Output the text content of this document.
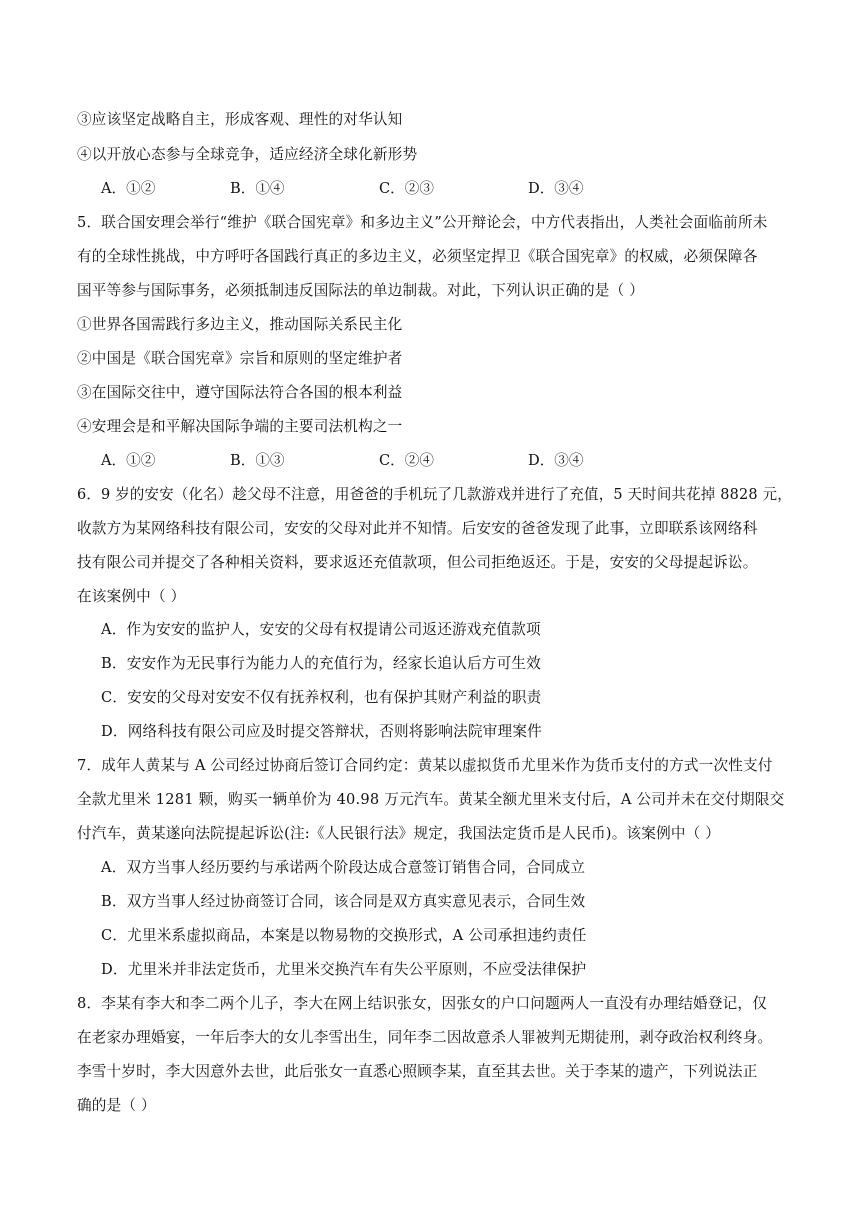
③应该坚定战略自主，形成客观、理性的对华认知
④以开放心态参与全球竞争，适应经济全球化新形势
A．①②	B．①④	C．②③	D．③④
5．联合国安理会举行“维护《联合国宪章》和多边主义”公开辩论会，中方代表指出，人类社会面临前所未
有的全球性挑战，中方呼吁各国践行真正的多边主义，必须坚定捍卫《联合国宪章》的权威，必须保障各
国平等参与国际事务，必须抵制违反国际法的单边制裁。对此，下列认识正确的是（ ）
①世界各国需践行多边主义，推动国际关系民主化
②中国是《联合国宪章》宗旨和原则的坚定维护者
③在国际交往中，遵守国际法符合各国的根本利益
④安理会是和平解决国际争端的主要司法机构之一
A．①②	B．①③	C．②④	D．③④
6．9 岁的安安（化名）趁父母不注意，用爸爸的手机玩了几款游戏并进行了充值，5 天时间共花掉 8828 元，
收款方为某网络科技有限公司，安安的父母对此并不知情。后安安的爸爸发现了此事，立即联系该网络科
技有限公司并提交了各种相关资料，要求返还充值款项，但公司拒绝返还。于是，安安的父母提起诉讼。
在该案例中（ ）
A．作为安安的监护人，安安的父母有权提请公司返还游戏充值款项
B．安安作为无民事行为能力人的充值行为，经家长追认后方可生效
C．安安的父母对安安不仅有抚养权利，也有保护其财产利益的职责
D．网络科技有限公司应及时提交答辩状，否则将影响法院审理案件
7．成年人黄某与 A 公司经过协商后签订合同约定：黄某以虚拟货币尤里米作为货币支付的方式一次性支付
全款尤里米 1281 颗，购买一辆单价为 40.98 万元汽车。黄某全额尤里米支付后，A 公司并未在交付期限交
付汽车，黄某遂向法院提起诉讼(注:《人民银行法》规定，我国法定货币是人民币)。该案例中（ ）
A．双方当事人经历要约与承诺两个阶段达成合意签订销售合同，合同成立
B．双方当事人经过协商签订合同，该合同是双方真实意见表示，合同生效
C．尤里米系虚拟商品，本案是以物易物的交换形式，A 公司承担违约责任
D．尤里米并非法定货币，尤里米交换汽车有失公平原则，不应受法律保护
8．李某有李大和李二两个儿子，李大在网上结识张女，因张女的户口问题两人一直没有办理结婚登记，仅
在老家办理婚宴，一年后李大的女儿李雪出生，同年李二因故意杀人罪被判无期徒刑，剥夺政治权利终身。
李雪十岁时，李大因意外去世，此后张女一直悉心照顾李某，直至其去世。关于李某的遗产，下列说法正
确的是（ ）
